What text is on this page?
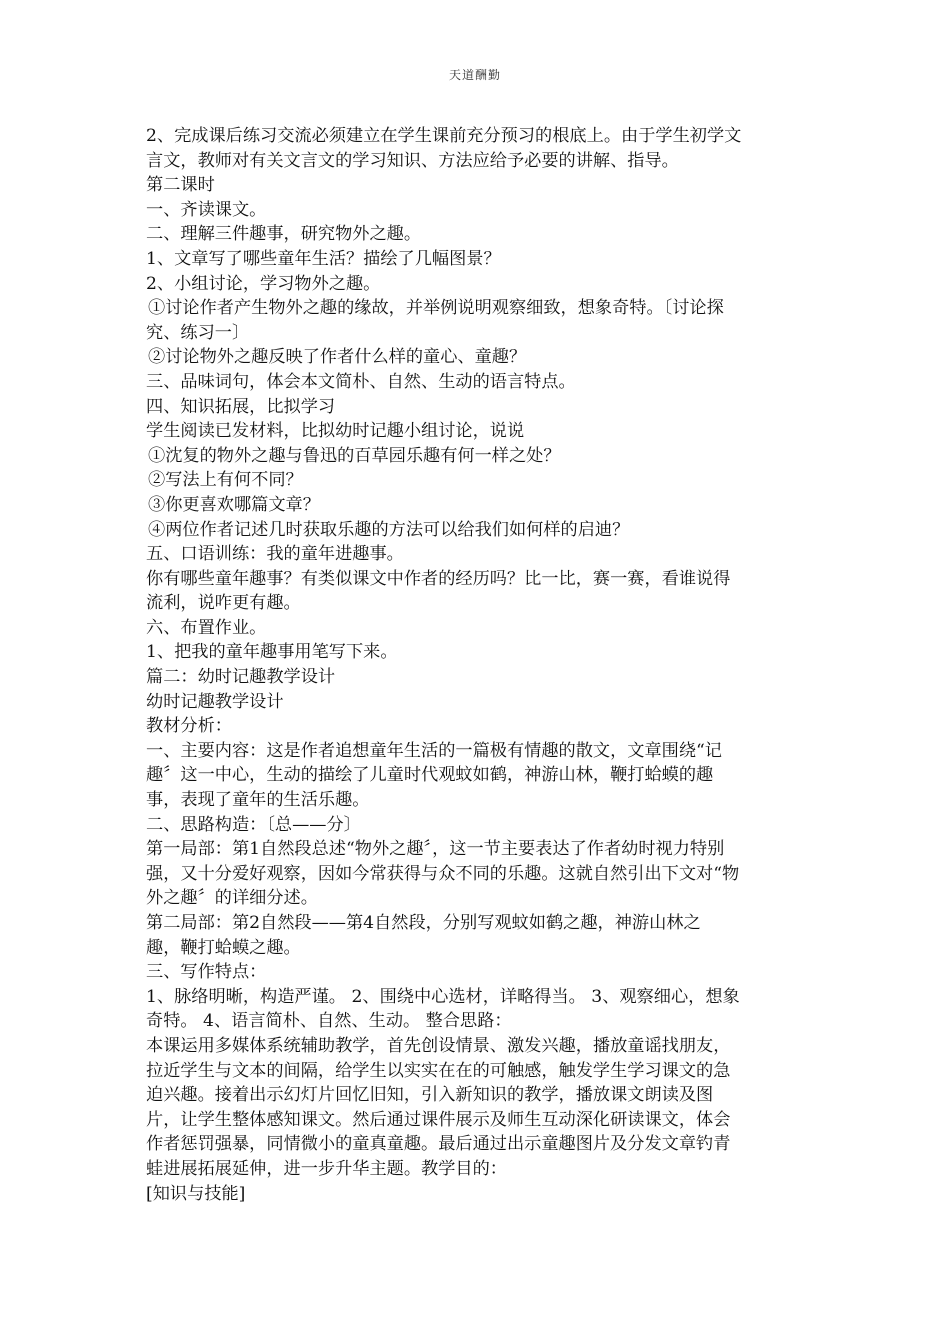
天道酬勤

2、完成课后练习交流必须建立在学生课前充分预习的根底上。由于学生初学文

言文，教师对有关文言文的学习知识、方法应给予必要的讲解、指导。

第二课时

一、齐读课文。

二、理解三件趣事，研究物外之趣。

1、文章写了哪些童年生活？描绘了几幅图景？

2、小组讨论，学习物外之趣。

①讨论作者产生物外之趣的缘故，并举例说明观察细致，想象奇特。〔讨论探

究、练习一〕

②讨论物外之趣反映了作者什么样的童心、童趣？

三、品味词句，体会本文简朴、自然、生动的语言特点。

四、知识拓展，比拟学习

学生阅读已发材料，比拟幼时记趣小组讨论，说说

①沈复的物外之趣与鲁迅的百草园乐趣有何一样之处？

②写法上有何不同？

③你更喜欢哪篇文章？

④两位作者记述几时获取乐趣的方法可以给我们如何样的启迪？

五、口语训练：我的童年进趣事。

你有哪些童年趣事？有类似课文中作者的经历吗？比一比，赛一赛，看谁说得

流利，说咋更有趣。

六、布置作业。

1、把我的童年趣事用笔写下来。

篇二：幼时记趣教学设计

幼时记趣教学设计

教材分析：

一、主要内容：这是作者追想童年生活的一篇极有情趣的散文，文章围绕“记

趣〞这一中心，生动的描绘了儿童时代观蚊如鹤，神游山林，鞭打蛤蟆的趣

事，表现了童年的生活乐趣。

二、思路构造：〔总——分〕

第一局部：第1自然段总述“物外之趣〞，这一节主要表达了作者幼时视力特别

强，又十分爱好观察，因如今常获得与众不同的乐趣。这就自然引出下文对“物

外之趣〞的详细分述。

第二局部：第2自然段——第4自然段，分别写观蚊如鹤之趣，神游山林之

趣，鞭打蛤蟆之趣。

三、写作特点：

1、脉络明晰，构造严谨。 2、围绕中心选材，详略得当。 3、观察细心，想象

奇特。 4、语言简朴、自然、生动。 整合思路：

本课运用多媒体系统辅助教学，首先创设情景、激发兴趣，播放童谣找朋友，

拉近学生与文本的间隔，给学生以实实在在的可触感，触发学生学习课文的急

迫兴趣。接着出示幻灯片回忆旧知，引入新知识的教学，播放课文朗读及图

片，让学生整体感知课文。然后通过课件展示及师生互动深化研读课文，体会

作者惩罚强暴，同情微小的童真童趣。最后通过出示童趣图片及分发文章钓青

蛙进展拓展延伸，进一步升华主题。教学目的：

[知识与技能]
